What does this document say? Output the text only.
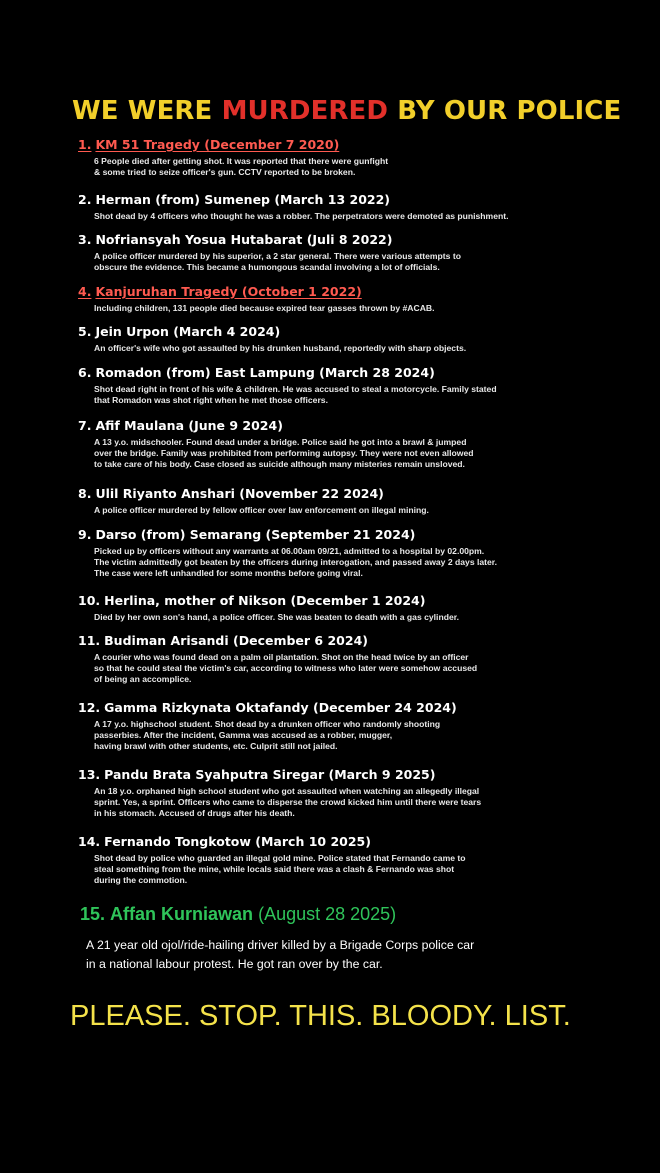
WE WERE MURDERED BY OUR POLICE
1. KM 51 Tragedy (December 7 2020)
6 People died after getting shot. It was reported that there were gunfight
& some tried to seize officer's gun. CCTV reported to be broken.
2. Herman (from) Sumenep (March 13 2022)
Shot dead by 4 officers who thought he was a robber. The perpetrators were demoted as punishment.
3. Nofriansyah Yosua Hutabarat (Juli 8 2022)
A police officer murdered by his superior, a 2 star general. There were various attempts to
obscure the evidence. This became a humongous scandal involving a lot of officials.
4. Kanjuruhan Tragedy (October 1 2022)
Including children, 131 people died because expired tear gasses thrown by #ACAB.
5. Jein Urpon (March 4 2024)
An officer's wife who got assaulted by his drunken husband, reportedly with sharp objects.
6. Romadon (from) East Lampung (March 28 2024)
Shot dead right in front of his wife & children. He was accused to steal a motorcycle. Family stated
that Romadon was shot right when he met those officers.
7. Afif Maulana (June 9 2024)
A 13 y.o. midschooler. Found dead under a bridge. Police said he got into a brawl & jumped
over the bridge. Family was prohibited from performing autopsy. They were not even allowed
to take care of his body. Case closed as suicide although many misteries remain unsloved.
8. Ulil Riyanto Anshari (November 22 2024)
A police officer murdered by fellow officer over law enforcement on illegal mining.
9. Darso (from) Semarang (September 21 2024)
Picked up by officers without any warrants at 06.00am 09/21, admitted to a hospital by 02.00pm.
The victim admittedly got beaten by the officers during interogation, and passed away 2 days later.
The case were left unhandled for some months before going viral.
10. Herlina, mother of Nikson (December 1 2024)
Died by her own son's hand, a police officer. She was beaten to death with a gas cylinder.
11. Budiman Arisandi (December 6 2024)
A courier who was found dead on a palm oil plantation. Shot on the head twice by an officer
so that he could steal the victim's car, according to witness who later were somehow accused
of being an accomplice.
12. Gamma Rizkynata Oktafandy (December 24 2024)
A 17 y.o. highschool student. Shot dead by a drunken officer who randomly shooting
passerbies. After the incident, Gamma was accused as a robber, mugger,
having brawl with other students, etc. Culprit still not jailed.
13. Pandu Brata Syahputra Siregar (March 9 2025)
An 18 y.o. orphaned high school student who got assaulted when watching an allegedly illegal
sprint. Yes, a sprint. Officers who came to disperse the crowd kicked him until there were tears
in his stomach. Accused of drugs after his death.
14. Fernando Tongkotow (March 10 2025)
Shot dead by police who guarded an illegal gold mine. Police stated that Fernando came to
steal something from the mine, while locals said there was a clash & Fernando was shot
during the commotion.
15. Affan Kurniawan (August 28 2025)
A 21 year old ojol/ride-hailing driver killed by a Brigade Corps police car
in a national labour protest. He got ran over by the car.

PLEASE. STOP. THIS. BLOODY. LIST.
